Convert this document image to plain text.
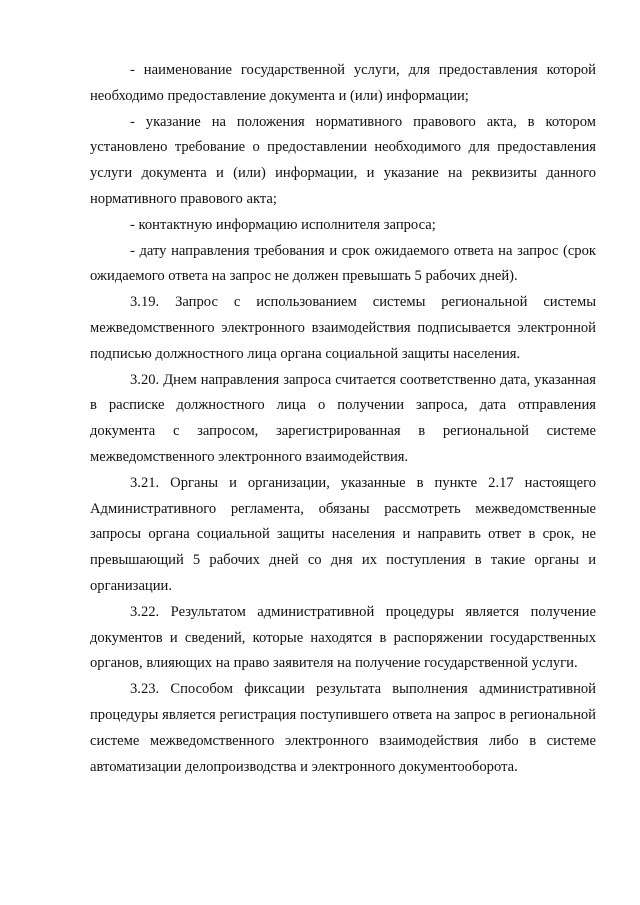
- наименование государственной услуги, для предоставления которой необходимо предоставление документа и (или) информации;

- указание на положения нормативного правового акта, в котором установлено требование о предоставлении необходимого для предоставления услуги документа и (или) информации, и указание на реквизиты данного нормативного правового акта;

- контактную информацию исполнителя запроса;

- дату направления требования и срок ожидаемого ответа на запрос (срок ожидаемого ответа на запрос не должен превышать 5 рабочих дней).

3.19. Запрос с использованием системы региональной системы межведомственного электронного взаимодействия подписывается электронной подписью должностного лица органа социальной защиты населения.

3.20. Днем направления запроса считается соответственно дата, указанная в расписке должностного лица о получении запроса, дата отправления документа с запросом, зарегистрированная в региональной системе межведомственного электронного взаимодействия.

3.21. Органы и организации, указанные в пункте 2.17 настоящего Административного регламента, обязаны рассмотреть межведомственные запросы органа социальной защиты населения и направить ответ в срок, не превышающий 5 рабочих дней со дня их поступления в такие органы и организации.

3.22. Результатом административной процедуры является получение документов и сведений, которые находятся в распоряжении государственных органов, влияющих на право заявителя на получение государственной услуги.

3.23. Способом фиксации результата выполнения административной процедуры является регистрация поступившего ответа на запрос в региональной системе межведомственного электронного взаимодействия либо в системе автоматизации делопроизводства и электронного документооборота.
